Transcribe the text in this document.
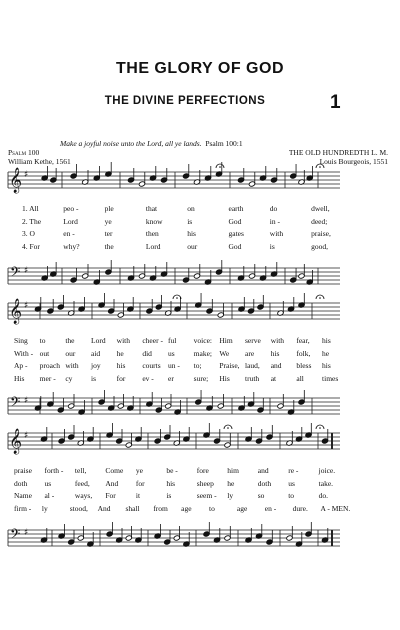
THE GLORY OF GOD
THE DIVINE PERFECTIONS	1
Make a joyful noise unto the Lord, all ye lands. Psalm 100:1
Psalm 100
William Kethe, 1561
THE OLD HUNDREDTH L. M.
Louis Bourgeois, 1551
𝄞
𝄢
♯
♯
𝄞
𝄢
♯
♯
𝄞
𝄢
♯
♯
1. All	peo -	ple	that	on	earth	do	dwell,
2. The	Lord	ye	know	is	God	in -	deed;
3. O	en -	ter	then	his	gates	with	praise,
4. For	why?	the	Lord	our	God	is	good,
Sing to	the Lord with cheer - ful voice: Him serve with fear, his
With - out our aid he did us	make; We are his folk, he
Ap - proach with joy his courts un - to; Praise, laud, and bless his
His mer - cy is	for ev - er	sure; His truth at	all times
praise forth - tell,	Come ye	be -	fore him	and	re -	joice.
doth us	feed, And for	his	sheep he	doth us	take.
Name al -	ways, For	it	is	seem - ly	so	to	do.
firm - ly	stood, And shall from age to	age en - dure. A - MEN.
